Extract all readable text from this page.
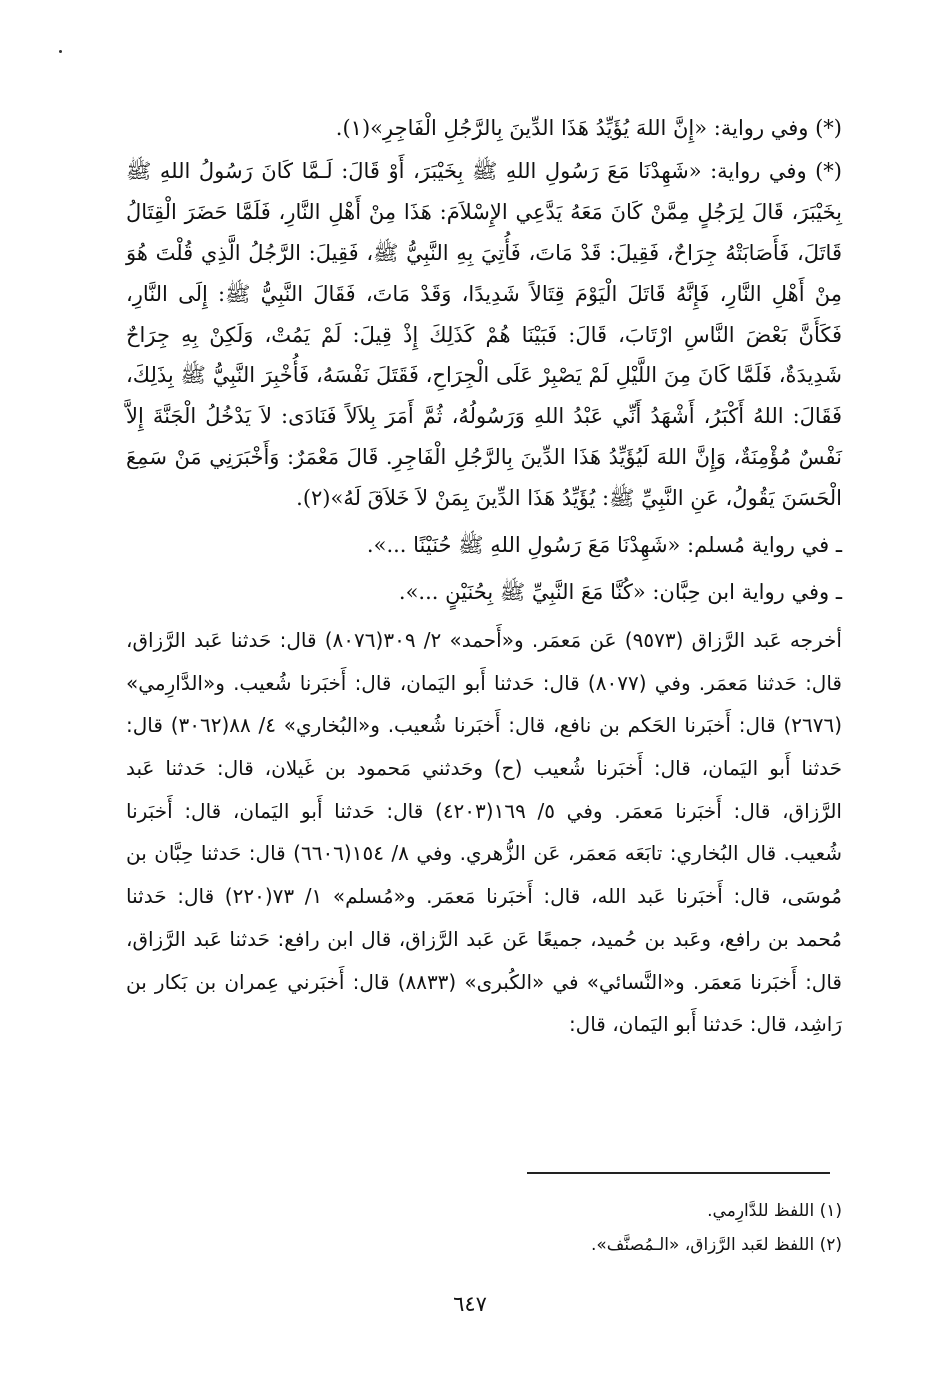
(*) وفي رواية: «إِنَّ اللهَ يُؤَيِّدُ هَذَا الدِّينَ بِالرَّجُلِ الْفَاجِرِ»(١).

(*) وفي رواية: «شَهِدْنَا مَعَ رَسُولِ اللهِ ﷺ بِخَيْبَرَ، أَوْ قَالَ: لَـمَّا كَانَ رَسُولُ اللهِ ﷺ بِخَيْبَرَ، قَالَ لِرَجُلٍ مِمَّنْ كَانَ مَعَهُ يَدَّعِي الإِسْلاَمَ: هَذَا مِنْ أَهْلِ النَّارِ، فَلَمَّا حَضَرَ الْقِتَالُ قَاتَلَ، فَأَصَابَتْهُ جِرَاحٌ، فَقِيلَ: قَدْ مَاتَ، فَأُتِيَ بِهِ النَّبِيُّ ﷺ، فَقِيلَ: الرَّجُلُ الَّذِي قُلْتَ هُوَ مِنْ أَهْلِ النَّارِ، فَإِنَّهُ قَاتَلَ الْيَوْمَ قِتَالاً شَدِيدًا، وَقَدْ مَاتَ، فَقَالَ النَّبِيُّ ﷺ: إِلَى النَّارِ، فَكَأَنَّ بَعْضَ النَّاسِ ارْتَابَ، قَالَ: فَبَيْنَا هُمْ كَذَلِكَ إِذْ قِيلَ: لَمْ يَمُتْ، وَلَكِنْ بِهِ جِرَاحٌ شَدِيدَةٌ، فَلَمَّا كَانَ مِنَ اللَّيْلِ لَمْ يَصْبِرْ عَلَى الْجِرَاحِ، فَقَتَلَ نَفْسَهُ، فَأُخْبِرَ النَّبِيُّ ﷺ بِذَلِكَ، فَقَالَ: اللهُ أَكْبَرُ، أَشْهَدُ أَنِّي عَبْدُ اللهِ وَرَسُولُهُ، ثُمَّ أَمَرَ بِلاَلاً فَنَادَى: لاَ يَدْخُلُ الْجَنَّةَ إِلاَّ نَفْسٌ مُؤْمِنَةٌ، وَإِنَّ اللهَ لَيُؤَيِّدُ هَذَا الدِّينَ بِالرَّجُلِ الْفَاجِرِ. قَالَ مَعْمَرٌ: وَأَخْبَرَنِي مَنْ سَمِعَ الْحَسَنَ يَقُولُ، عَنِ النَّبِيِّ ﷺ: يُؤَيِّدُ هَذَا الدِّينَ بِمَنْ لاَ خَلاَقَ لَهُ»(٢).

ـ في رواية مُسلم: «شَهِدْنَا مَعَ رَسُولِ اللهِ ﷺ حُنَيْنًا ...».

ـ وفي رواية ابن حِبَّان: «كُنَّا مَعَ النَّبِيِّ ﷺ بِحُنَيْنٍ ...».

أخرجه عَبد الرَّزاق (٩٥٧٣) عَن مَعمَر. و«أَحمد» ٢/ ٣٠٩(٨٠٧٦) قال: حَدثنا عَبد الرَّزاق، قال: حَدثنا مَعمَر. وفي (٨٠٧٧) قال: حَدثنا أَبو اليَمان، قال: أَخبَرنا شُعيب. و«الدَّارِمي» (٢٦٧٦) قال: أَخبَرنا الحَكم بن نافع، قال: أَخبَرنا شُعيب. و«البُخاري» ٤/ ٨٨(٣٠٦٢) قال: حَدثنا أَبو اليَمان، قال: أَخبَرنا شُعيب (ح) وحَدثني مَحمود بن غَيلان، قال: حَدثنا عَبد الرَّزاق، قال: أَخبَرنا مَعمَر. وفي ٥/ ١٦٩(٤٢٠٣) قال: حَدثنا أَبو اليَمان، قال: أَخبَرنا شُعيب. قال البُخاري: تابَعَه مَعمَر، عَن الزُّهري. وفي ٨/ ١٥٤(٦٦٠٦) قال: حَدثنا حِبَّان بن مُوسَى، قال: أَخبَرنا عَبد الله، قال: أَخبَرنا مَعمَر. و«مُسلم» ١/ ٧٣(٢٢٠) قال: حَدثنا مُحمد بن رافع، وعَبد بن حُميد، جميعًا عَن عَبد الرَّزاق، قال ابن رافع: حَدثنا عَبد الرَّزاق، قال: أَخبَرنا مَعمَر. و«النَّسائي» في «الكُبرى» (٨٨٣٣) قال: أَخبَرني عِمران بن بَكار بن رَاشِد، قال: حَدثنا أَبو اليَمان، قال:

(١) اللفظ للدَّارِمي.

(٢) اللفظ لعَبد الرَّزاق، «الـمُصنَّف».

٦٤٧
